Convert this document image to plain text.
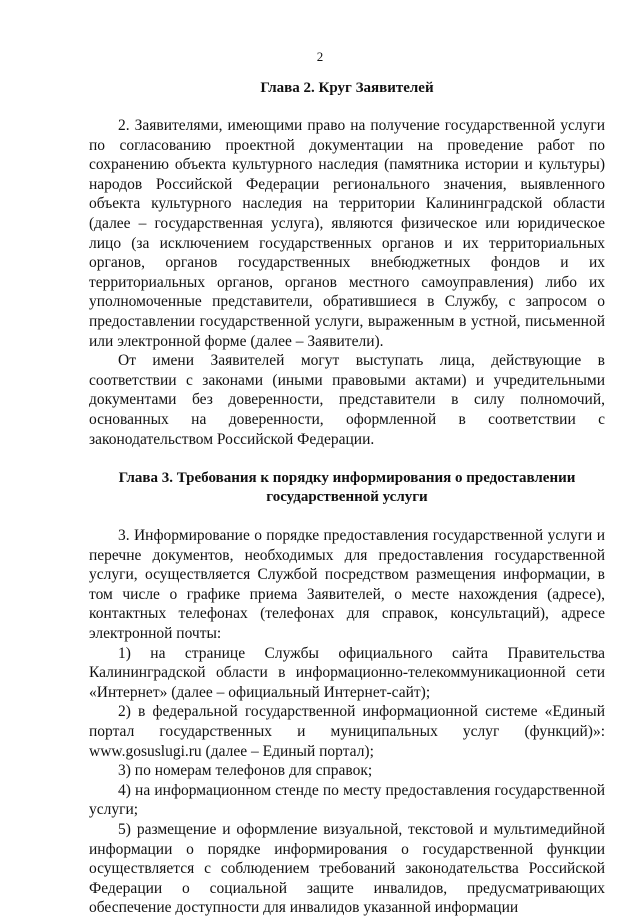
2
Глава 2. Круг Заявителей

2. Заявителями, имеющими право на получение государственной услуги по согласованию проектной документации на проведение работ по сохранению объекта культурного наследия (памятника истории и культуры) народов Российской Федерации регионального значения, выявленного объекта культурного наследия на территории Калининградской области (далее – государственная услуга), являются физическое или юридическое лицо (за исключением государственных органов и их территориальных органов, органов государственных внебюджетных фондов и их территориальных органов, органов местного самоуправления) либо их уполномоченные представители, обратившиеся в Службу, с запросом о предоставлении государственной услуги, выраженным в устной, письменной или электронной форме (далее – Заявители).

От имени Заявителей могут выступать лица, действующие в соответствии с законами (иными правовыми актами) и учредительными документами без доверенности, представители в силу полномочий, основанных на доверенности, оформленной в соответствии с законодательством Российской Федерации.

Глава 3. Требования к порядку информирования о предоставлении государственной услуги

3. Информирование о порядке предоставления государственной услуги и перечне документов, необходимых для предоставления государственной услуги, осуществляется Службой посредством размещения информации, в том числе о графике приема Заявителей, о месте нахождения (адресе), контактных телефонах (телефонах для справок, консультаций), адресе электронной почты:

1) на странице Службы официального сайта Правительства Калининградской области в информационно-телекоммуникационной сети «Интернет» (далее – официальный Интернет-сайт);

2) в федеральной государственной информационной системе «Единый портал государственных и муниципальных услуг (функций)»: www.gosuslugi.ru (далее – Единый портал);

3) по номерам телефонов для справок;

4) на информационном стенде по месту предоставления государственной услуги;

5) размещение и оформление визуальной, текстовой и мультимедийной информации о порядке информирования о государственной функции осуществляется с соблюдением требований законодательства Российской Федерации о социальной защите инвалидов, предусматривающих обеспечение доступности для инвалидов указанной информации
